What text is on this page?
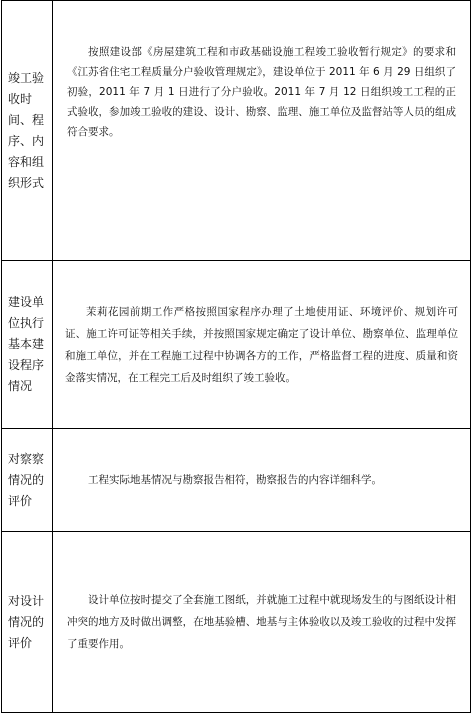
竣工验收时间、程序、内容和组织形式	按照建设部《房屋建筑工程和市政基础设施工程竣工验收暂行规定》的要求和《江苏省住宅工程质量分户验收管理规定》，建设单位于 2011 年 6 月 29 日组织了初验，2011 年 7 月 1 日进行了分户验收。2011 年 7 月 12 日组织竣工工程的正式验收，参加竣工验收的建设、设计、勘察、监理、施工单位及监督站等人员的组成符合要求。

建设单位执行基本建设程序情况	茉莉花园前期工作严格按照国家程序办理了土地使用证、环境评价、规划许可证、施工许可证等相关手续，并按照国家规定确定了设计单位、勘察单位、监理单位和施工单位，并在工程施工过程中协调各方的工作，严格监督工程的进度、质量和资金落实情况，在工程完工后及时组织了竣工验收。

对察察情况的评价	工程实际地基情况与勘察报告相符，勘察报告的内容详细科学。

对设计情况的评价	设计单位按时提交了全套施工图纸，并就施工过程中就现场发生的与图纸设计相冲突的地方及时做出调整，在地基验槽、地基与主体验收以及竣工验收的过程中发挥了重要作用。
